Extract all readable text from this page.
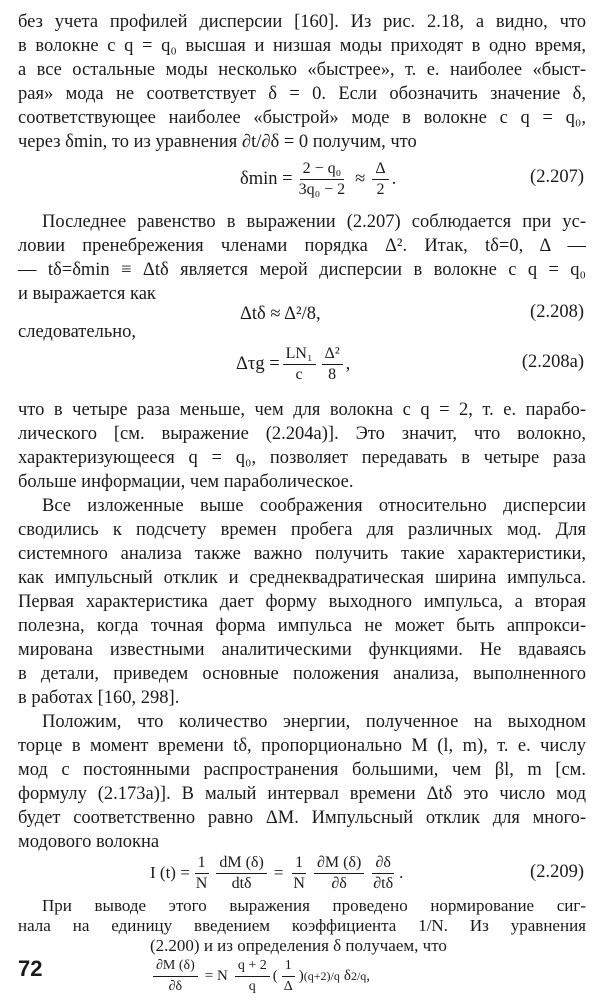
без учета профилей дисперсии [160]. Из рис. 2.18, а видно, что
в волокне с q = q₀ высшая и низшая моды приходят в одно время,
а все остальные моды несколько «быстрее», т. е. наиболее «быст-
рая» мода не соответствует δ = 0. Если обозначить значение δ,
соответствующее наиболее «быстрой» моде в волокне с q = q₀,
через δmin, то из уравнения ∂t/∂δ = 0 получим, что
$\delta\min = \frac{\text{2 − q₀}}{\text{3q₀ − 2}} \approx \frac{\Delta}{2}$ .	(2.207)
Последнее равенство в выражении (2.207) соблюдается при ус-
ловии пренебрежения членами порядка Δ². Итак, tδ=0, Δ —
— tδ=δmin ≡ Δtδ является мерой дисперсии в волокне с q = q₀
и выражается как
Δtδ ≈ Δ²/8,	(2.208)
следовательно,
$\Delta\tau g = \frac{\text{LN₁}}{c} \frac{\text{Δ²}}{8}$ ,	(2.208a)
что в четыре раза меньше, чем для волокна с q = 2, т. е. парабо-
лического [см. выражение (2.204а)]. Это значит, что волокно,
характеризующееся q = q₀, позволяет передавать в четыре раза
больше информации, чем параболическое.
Все изложенные выше соображения относительно дисперсии
сводились к подсчету времен пробега для различных мод. Для
системного анализа также важно получить такие характеристики,
как импульсный отклик и среднеквадратическая ширина импульса.
Первая характеристика дает форму выходного импульса, а вторая
полезна, когда точная форма импульса не может быть аппрокси-
мирована известными аналитическими функциями. Не вдаваясь
в детали, приведем основные положения анализа, выполненного
в работах [160, 298].
Положим, что количество энергии, полученное на выходном
торце в момент времени tδ, пропорционально M (l, m), т. е. числу
мод с постоянными распространения большими, чем βl, m [см.
формулу (2.173а)]. В малый интервал времени Δtδ это число мод
будет соответственно равно ΔM. Импульсный отклик для много-
модового волокна
I $(t) = \frac{1}{N} \frac{dM (\delta)}{\text{dtδ}} = \frac{1}{N} \frac{\partial M (\delta)}{\partial\delta} \frac{\partial\delta}{\partial t\delta}$ .	(2.209)
При выводе этого выражения проведено нормирование сиг-
нала на единицу введением коэффициента 1/N. Из уравнения
(2.200) и из определения δ получаем, что
$\frac{\partial M (\delta)}{\partial\delta} = N \frac{q + 2}{q}$ ( $\frac{1}{\Delta}$ ) (q+2)/q δ 2/q ,
72
